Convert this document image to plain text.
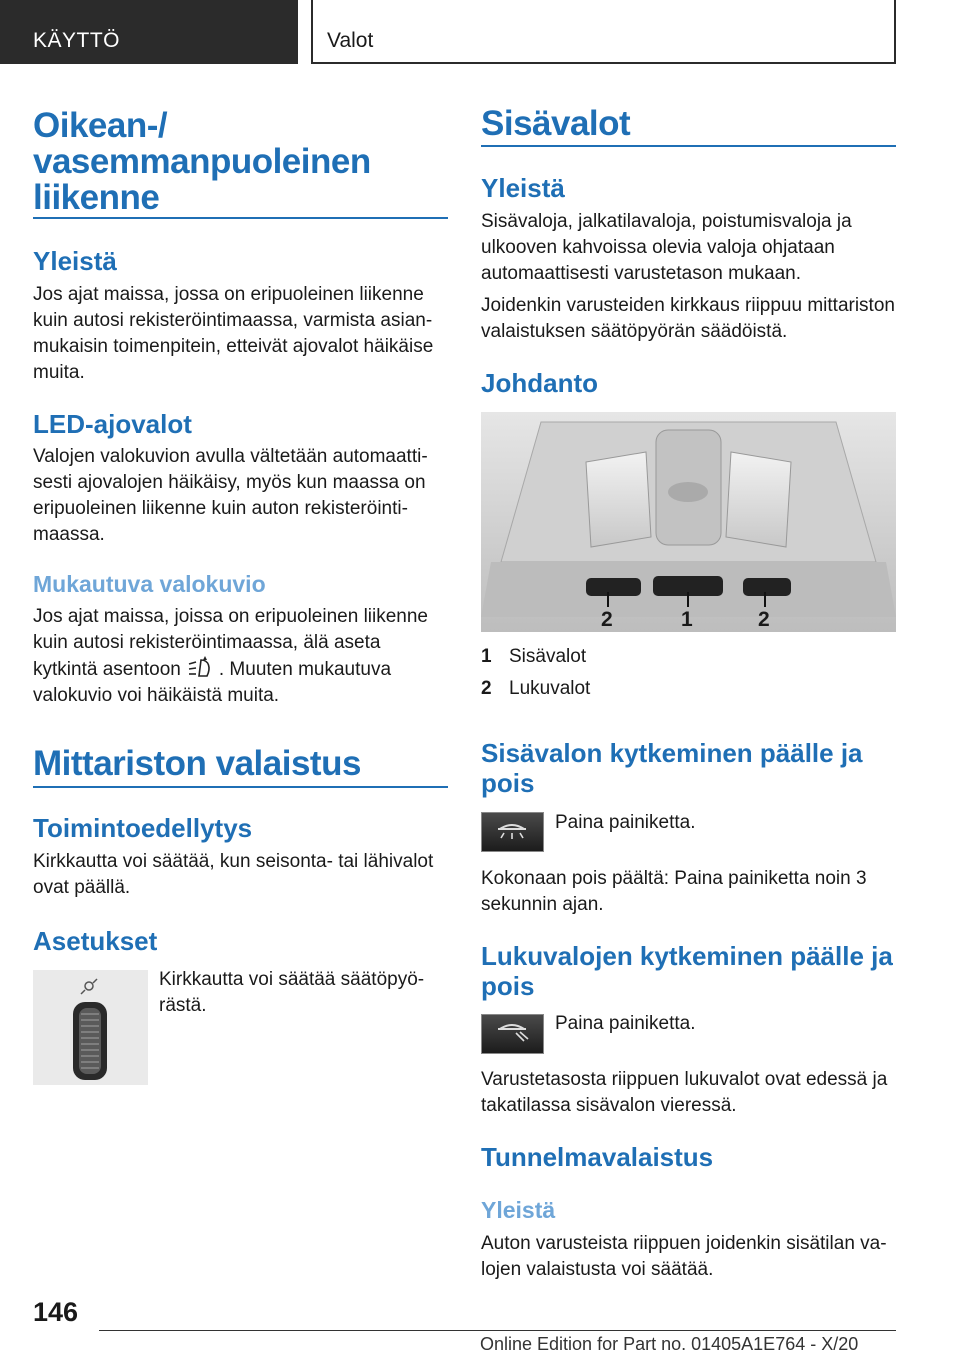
KÄYTTÖ	Valot
Oikean-/
vasemmanpuoleinen
liikenne
Yleistä
Jos ajat maissa, jossa on eripuoleinen liikenne kuin autosi rekisteröintimaassa, varmista asianmukaisin toimenpitein, etteivät ajovalot häikäise muita.
LED-ajovalot
Valojen valokuvion avulla vältetään automaattisesti ajovalojen häikäisy, myös kun maassa on eripuoleinen liikenne kuin auton rekisteröintimaassa.
Mukautuva valokuvio
Jos ajat maissa, joissa on eripuoleinen liikenne kuin autosi rekisteröintimaassa, älä aseta kytkintä asentoon . Muuten mukautuva valokuvio voi häikäistä muita.
Mittariston valaistus
Toimintoedellytys
Kirkkautta voi säätää, kun seisonta- tai lähivalot ovat päällä.
Asetukset
Kirkkautta voi säätää säätöpyörästä.
Sisävalot
Yleistä
Sisävaloja, jalkatilavaloja, poistumisvaloja ja ulkooven kahvoissa olevia valoja ohjataan automaattisesti varustetason mukaan.
Joidenkin varusteiden kirkkaus riippuu mittariston valaistuksen säätöpyörän säädöistä.
Johdanto
2	1	2
1 Sisävalot
2 Lukuvalot
Sisävalon kytkeminen päälle ja pois
Paina painiketta.
Kokonaan pois päältä: Paina painiketta noin 3 sekunnin ajan.
Lukuvalojen kytkeminen päälle ja pois
Paina painiketta.
Varustetasosta riippuen lukuvalot ovat edessä ja takatilassa sisävalon vieressä.
Tunnelmavalaistus
Yleistä
Auton varusteista riippuen joidenkin sisätilan valojen valaistusta voi säätää.
146
Online Edition for Part no. 01405A1E764 - X/20
